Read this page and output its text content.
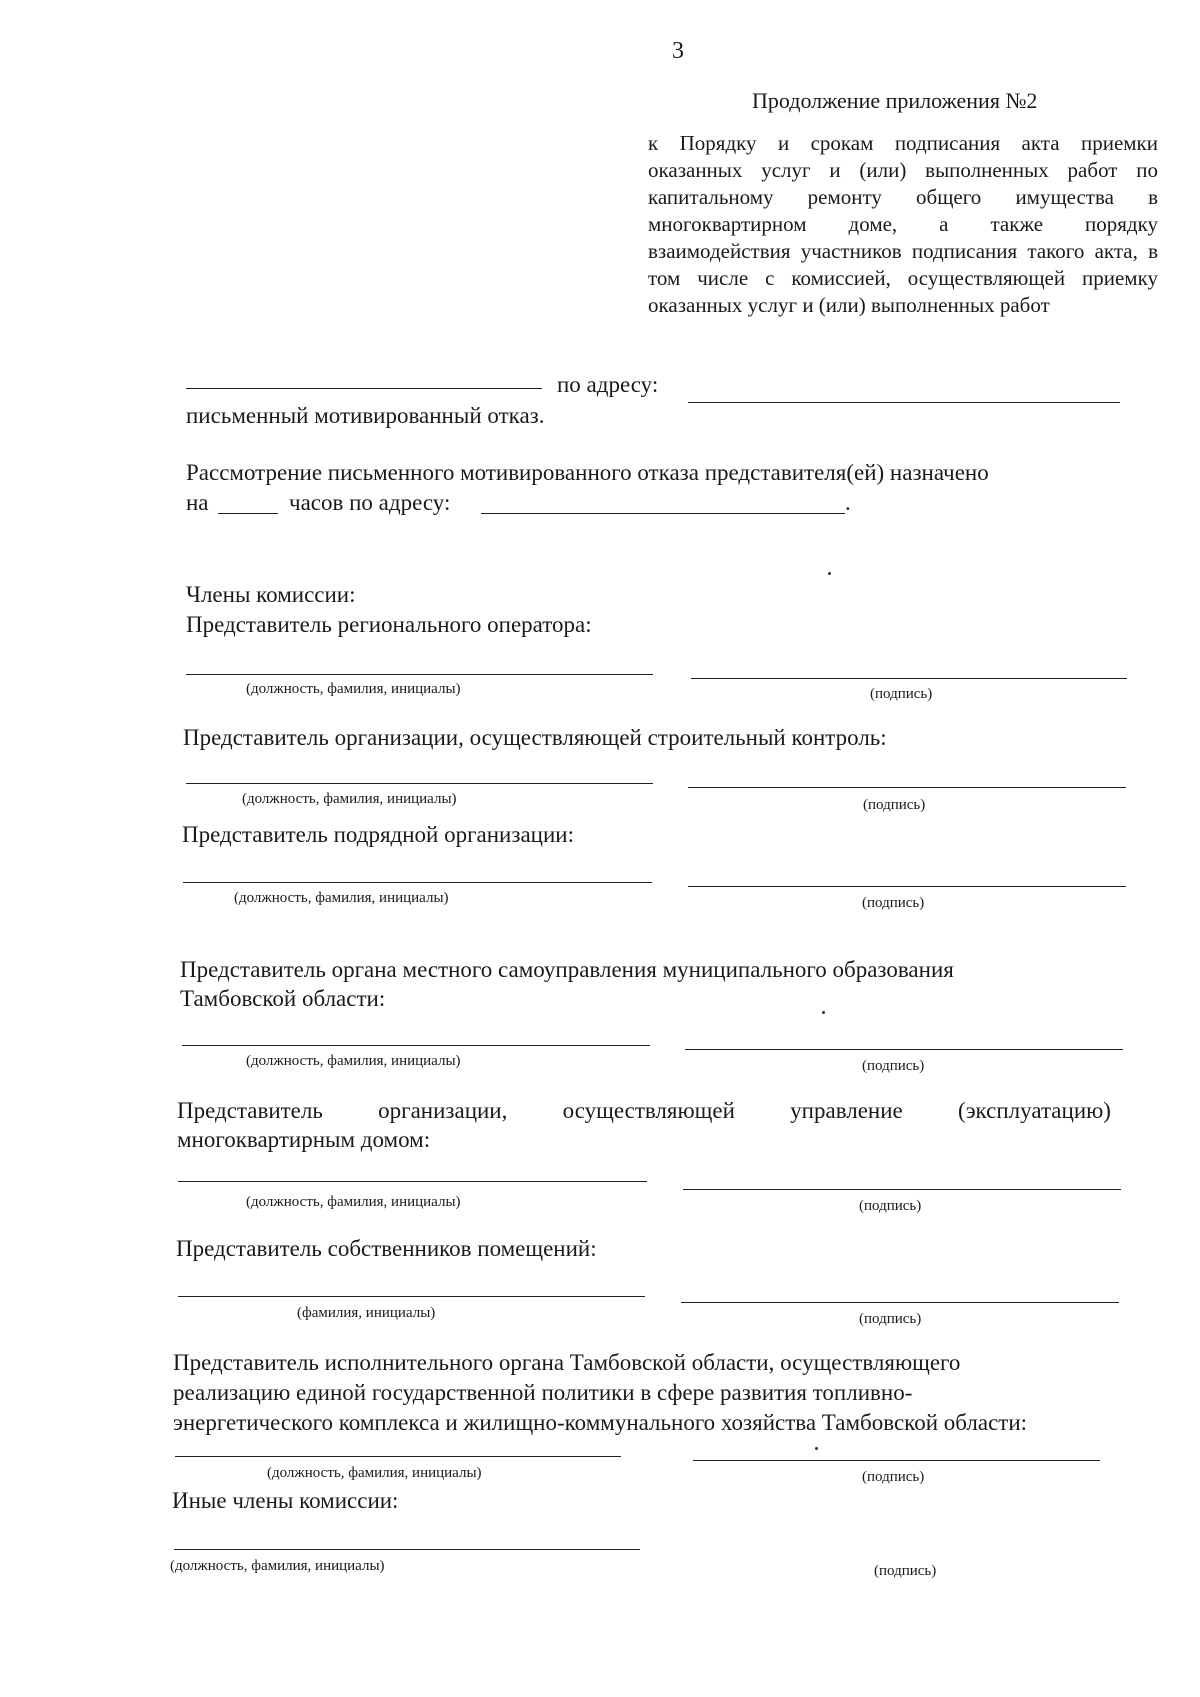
3
Продолжение приложения №2
к Порядку и срокам подписания акта приемки оказанных услуг и (или) выполненных работ по капитальному ремонту общего имущества в многоквартирном доме, а также порядку взаимодействия участников подписания такого акта, в том числе с комиссией, осуществляющей приемку оказанных услуг и (или) выполненных работ
по адресу:
письменный мотивированный отказ.
Рассмотрение письменного мотивированного отказа представителя(ей) назначено
на	часов по адресу:	.
Члены комиссии:
Представитель регионального оператора:
(должность, фамилия, инициалы)	(подпись)
Представитель организации, осуществляющей строительный контроль:
(должность, фамилия, инициалы)	(подпись)
Представитель подрядной организации:
(должность, фамилия, инициалы)	(подпись)
Представитель органа местного самоуправления муниципального образования
Тамбовской области:
(должность, фамилия, инициалы)	(подпись)
Представитель организации, осуществляющей управление (эксплуатацию)
многоквартирным домом:
(должность, фамилия, инициалы)	(подпись)
Представитель собственников помещений:
(фамилия, инициалы)	(подпись)
Представитель исполнительного органа Тамбовской области, осуществляющего
реализацию единой государственной политики в сфере развития топливно-
энергетического комплекса и жилищно-коммунального хозяйства Тамбовской области:
(должность, фамилия, инициалы)	(подпись)
Иные члены комиссии:
(должность, фамилия, инициалы)	(подпись)
